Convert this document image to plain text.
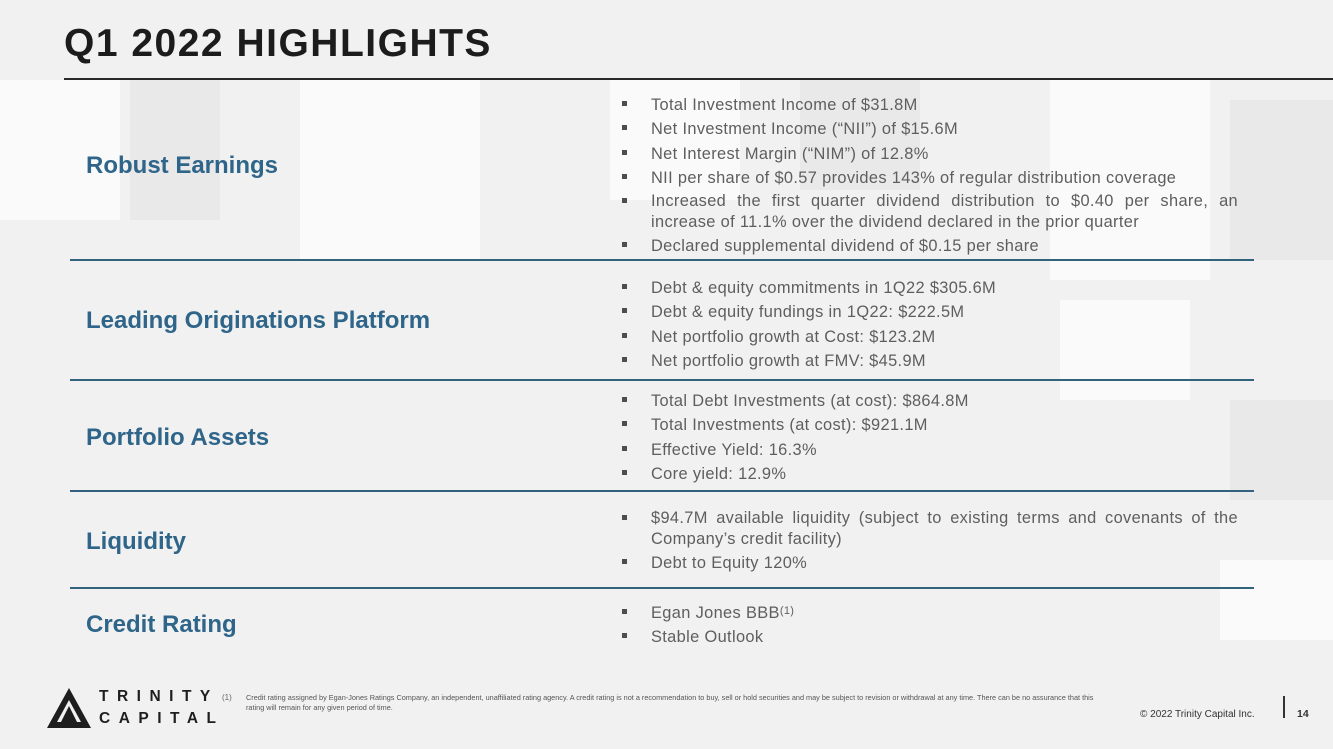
Q1 2022 HIGHLIGHTS
Robust Earnings
Total Investment Income of $31.8M
Net Investment Income (“NII”) of $15.6M
Net Interest Margin (“NIM”) of 12.8%
NII per share of $0.57 provides 143% of regular distribution coverage
Increased the first quarter dividend distribution to $0.40 per share, an increase of 11.1% over the dividend declared in the prior quarter
Declared supplemental dividend of $0.15 per share
Leading Originations Platform
Debt & equity commitments in 1Q22 $305.6M
Debt & equity fundings in 1Q22: $222.5M
Net portfolio growth at Cost: $123.2M
Net portfolio growth at FMV: $45.9M
Portfolio Assets
Total Debt Investments (at cost): $864.8M
Total Investments (at cost): $921.1M
Effective Yield: 16.3%
Core yield: 12.9%
Liquidity
$94.7M available liquidity (subject to existing terms and covenants of the Company’s credit facility)
Debt to Equity 120%
Credit Rating	Egan Jones BBB$^{(1)}$
Stable Outlook
TRINITY
CAPITAL
(1) Credit rating assigned by Egan-Jones Ratings Company, an independent, unaffiliated rating agency. A credit rating is not a recommendation to buy, sell or hold securities and may be subject to revision or withdrawal at any time. There can be no assurance that this rating will remain for any given period of time.
© 2022 Trinity Capital Inc.	14
